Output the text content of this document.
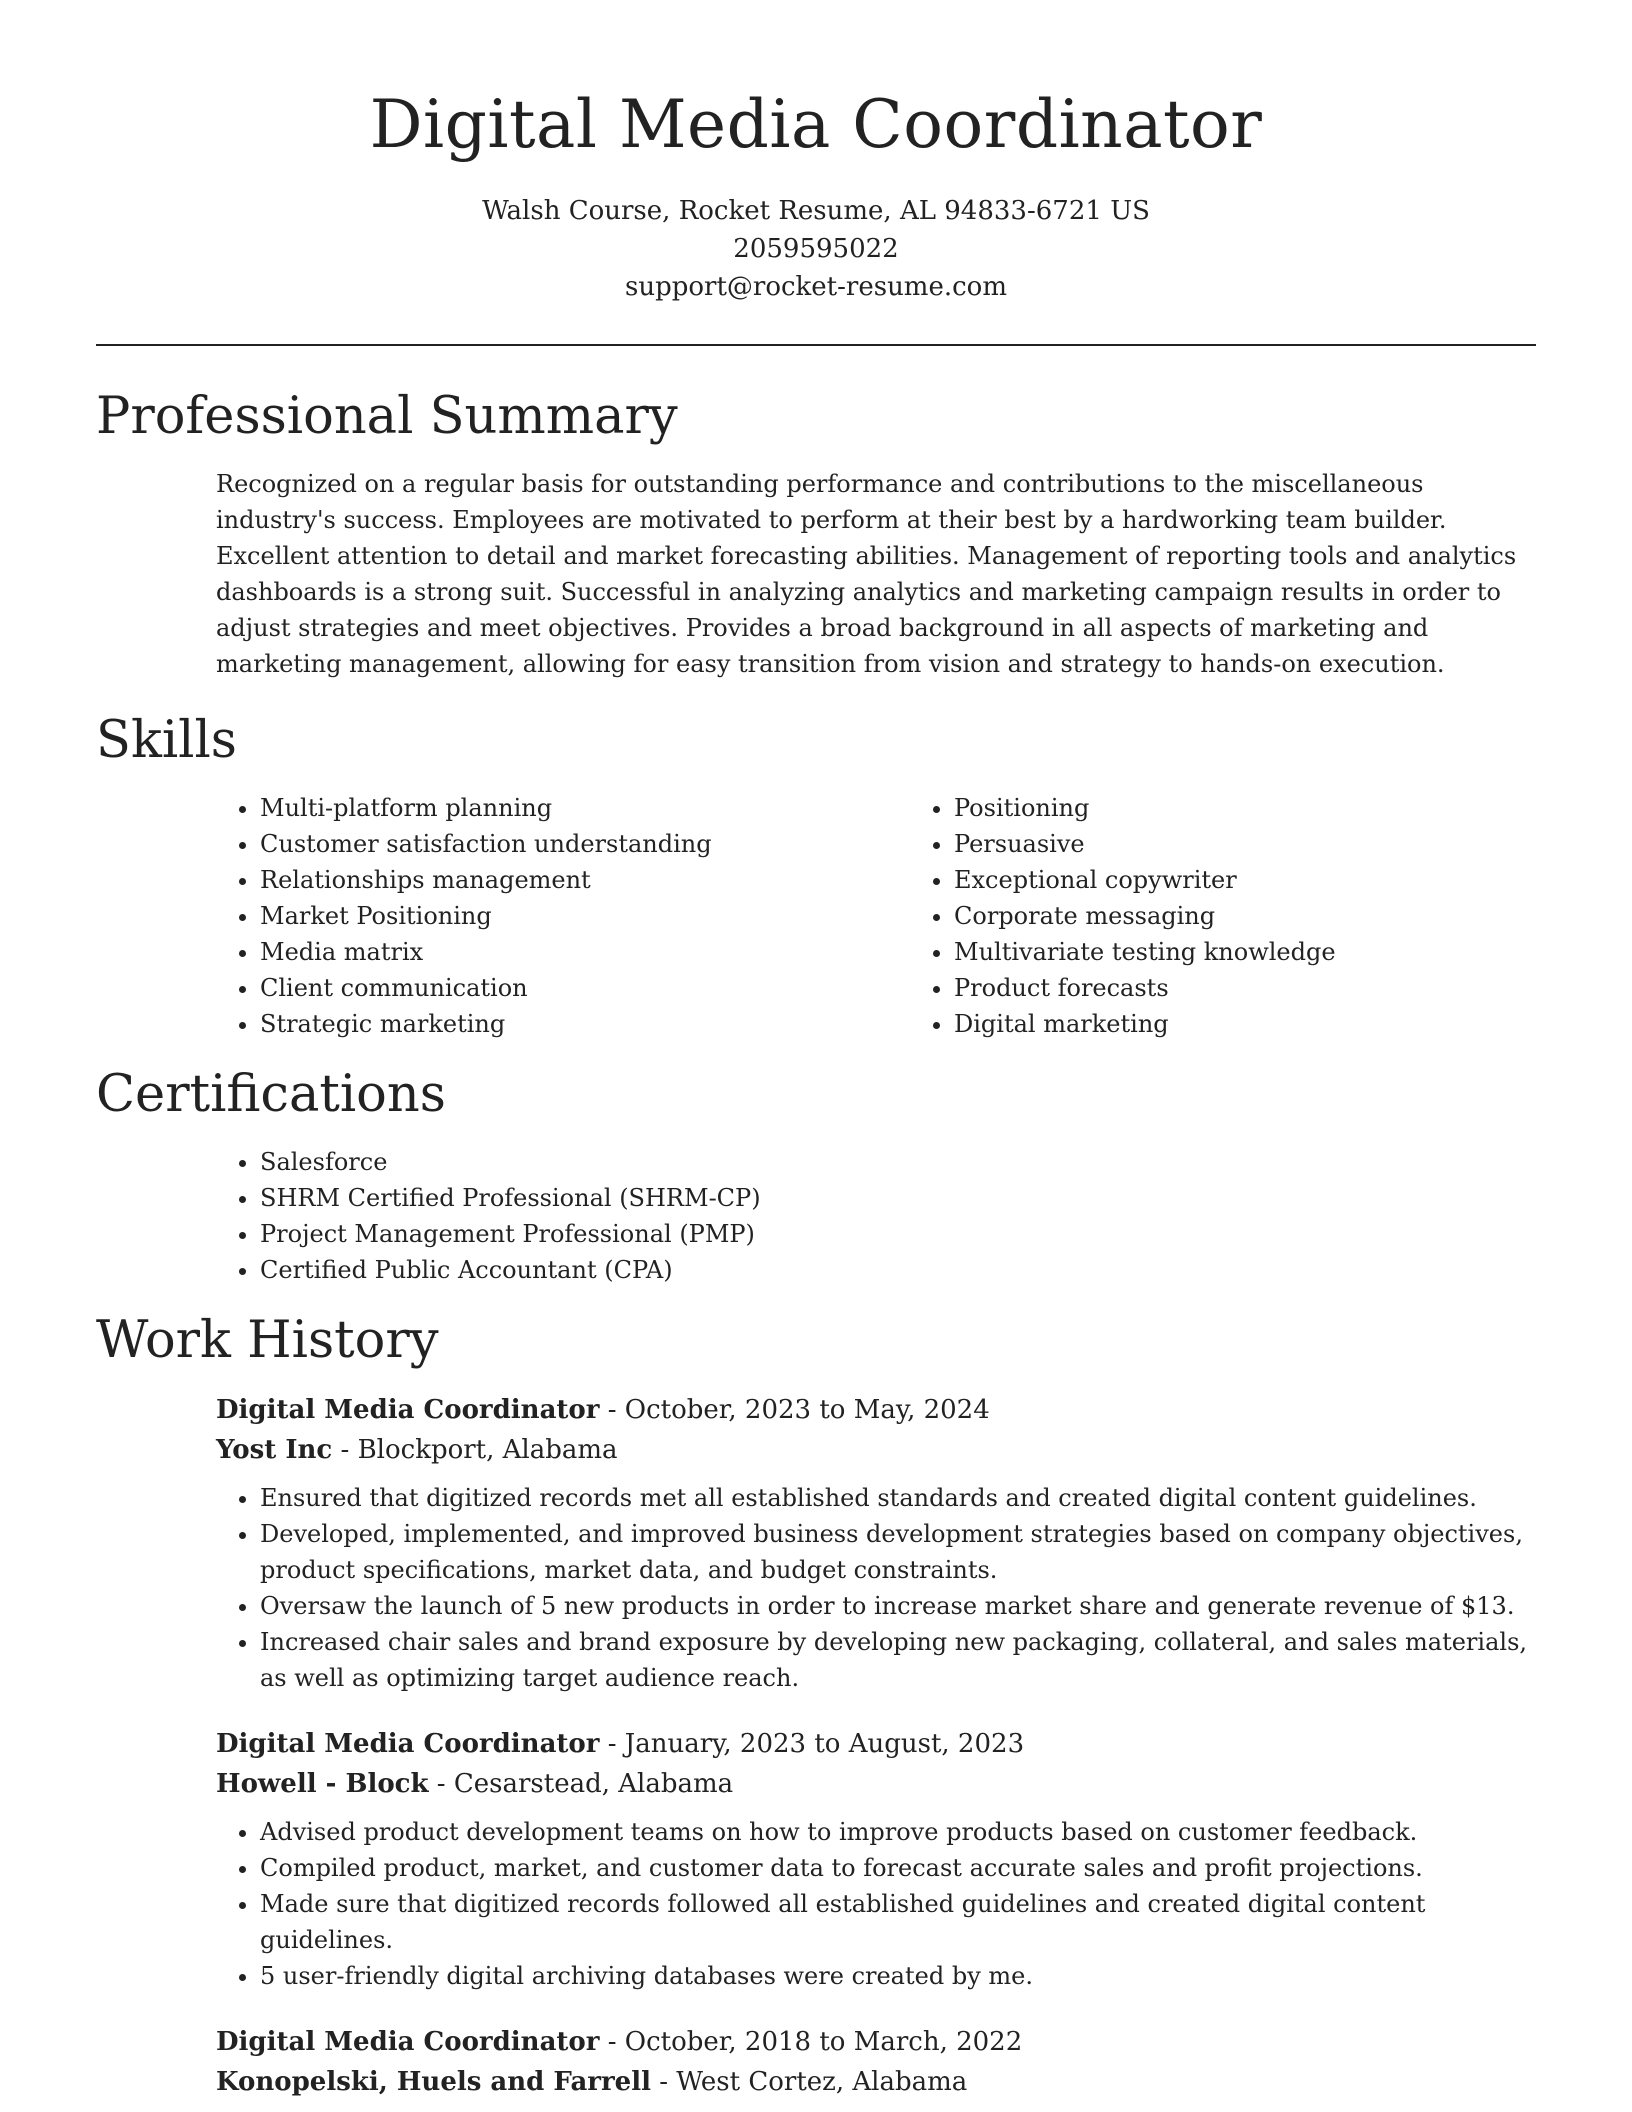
Digital Media Coordinator
Walsh Course, Rocket Resume, AL 94833-6721 US
2059595022
support@rocket-resume.com
Professional Summary

Recognized on a regular basis for outstanding performance and contributions to the miscellaneous industry's success. Employees are motivated to perform at their best by a hardworking team builder. Excellent attention to detail and market forecasting abilities. Management of reporting tools and analytics dashboards is a strong suit. Successful in analyzing analytics and marketing campaign results in order to adjust strategies and meet objectives. Provides a broad background in all aspects of marketing and marketing management, allowing for easy transition from vision and strategy to hands-on execution.

Skills
• Multi-platform planning
• Customer satisfaction understanding
• Relationships management
• Market Positioning
• Media matrix
• Client communication
• Strategic marketing
• Positioning
• Persuasive
• Exceptional copywriter
• Corporate messaging
• Multivariate testing knowledge
• Product forecasts
• Digital marketing
Certifications
• Salesforce
• SHRM Certified Professional (SHRM-CP)
• Project Management Professional (PMP)
• Certified Public Accountant (CPA)
Work History
Digital Media Coordinator - October, 2023 to May, 2024
Yost Inc - Blockport, Alabama
• Ensured that digitized records met all established standards and created digital content guidelines.
• Developed, implemented, and improved business development strategies based on company objectives, product specifications, market data, and budget constraints.
• Oversaw the launch of 5 new products in order to increase market share and generate revenue of $13.
• Increased chair sales and brand exposure by developing new packaging, collateral, and sales materials, as well as optimizing target audience reach.
Digital Media Coordinator - January, 2023 to August, 2023
Howell - Block - Cesarstead, Alabama
• Advised product development teams on how to improve products based on customer feedback.
• Compiled product, market, and customer data to forecast accurate sales and profit projections.
• Made sure that digitized records followed all established guidelines and created digital content guidelines.
• 5 user-friendly digital archiving databases were created by me.
Digital Media Coordinator - October, 2018 to March, 2022
Konopelski, Huels and Farrell - West Cortez, Alabama
